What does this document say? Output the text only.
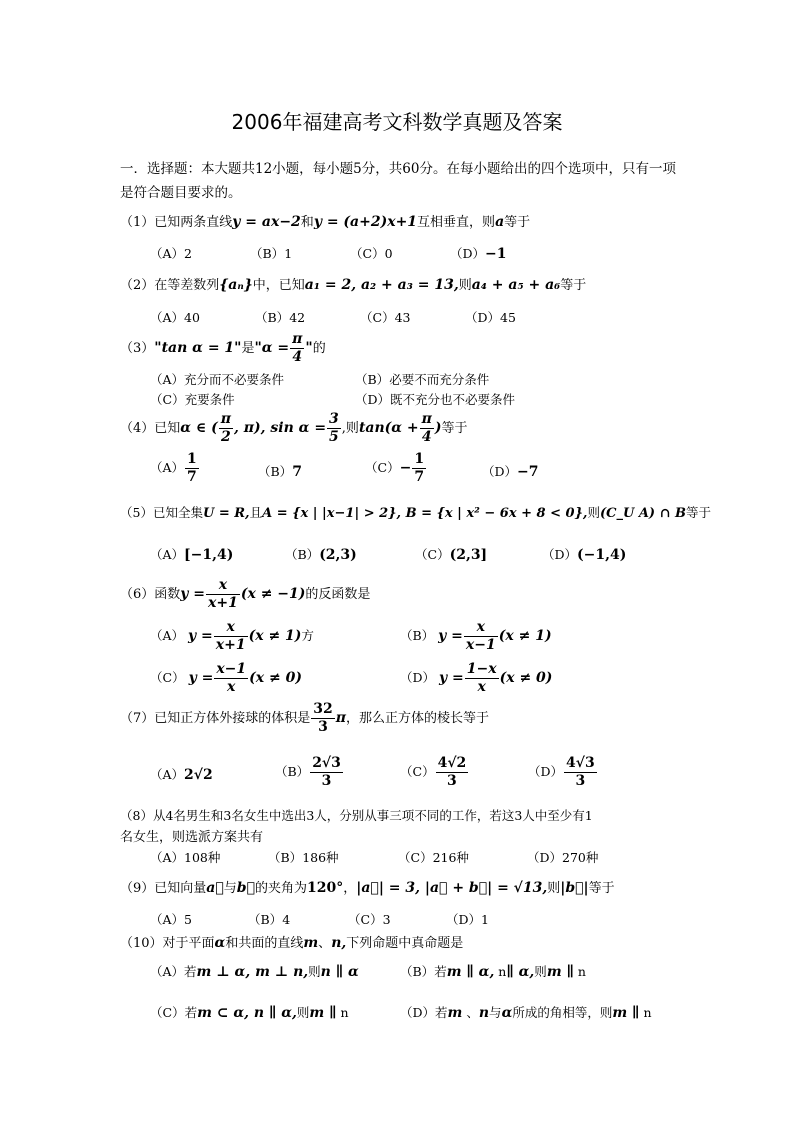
2006年福建高考文科数学真题及答案
一．选择题：本大题共12小题，每小题5分，共60分。在每小题给出的四个选项中，只有一项是符合题目要求的。
（1）已知两条直线y = ax−2和y = (a+2)x+1互相垂直，则a等于
（A）2	（B）1	（C）0	（D）−1
（2）在等差数列{aₙ}中，已知a₁ = 2, a₂ + a₃ = 13,则a₄ + a₅ + a₆等于
（A）40	（B）42	（C）43	（D）45
（3）"tan α = 1"是"$\alpha = \frac{\pi}{4}$ "的
（A）充分而不必要条件	（B）必要不而充分条件
（C）充要条件	（D）既不充分也不必要条件
（4）已知α ∈ ( $\frac{\pi}{2}$ , π), $\sin \alpha = \frac{3}{5}$ ,则$\tan(\alpha + \frac{\pi}{4}$ )等于
$(A) \frac{1}{7}$	（B）7	$(C)- \frac{1}{7}$	（D）−7
（5）已知全集U = R,且A = {x | |x−1| > 2}, B = {x | x² − 6x + 8 < 0},则(C_U A) ∩ B等于
（A）[−1,4)	（B）(2,3)	（C）(2,3]	（D）(−1,4)
（6）函数$y = \frac{x}{x+1} (x \ne -1)$的反函数是
（A） $y = \frac{x}{x+1} (x \ne 1)$方	（B） $y = \frac{x}{x-1} (x \ne 1)$
（C） $y = \frac{x-1}{x} (x \ne 0)$	（D） $y = \frac{1-x}{x} (x \ne 0)$
（7）已知正方体外接球的体积是 $\frac{32}{3}$ π，那么正方体的棱长等于
（A）2√2	$(B) \frac{2√3}{3}$	$(C) \frac{4√2}{3}$	$(D) \frac{4√3}{3}$
（8）从4名男生和3名女生中选出3人，分别从事三项不同的工作，若这3人中至少有1
名女生，则选派方案共有
（A）108种	（B）186种	（C）216种	（D）270种
（9）已知向量a⃗与b⃗的夹角为120°，|a⃗| = 3, |a⃗ + b⃗| = √13,则|b⃗|等于
（A）5	（B）4	（C）3	（D）1
（10）对于平面α和共面的直线m、n,下列命题中真命题是
（A）若m ⊥ α, m ⊥ n,则n ∥ α	（B）若m ∥ α, n∥ α,则m ∥ n
（C）若m ⊂ α, n ∥ α,则m ∥ n	（D）若m 、n与α所成的角相等，则m ∥ n
